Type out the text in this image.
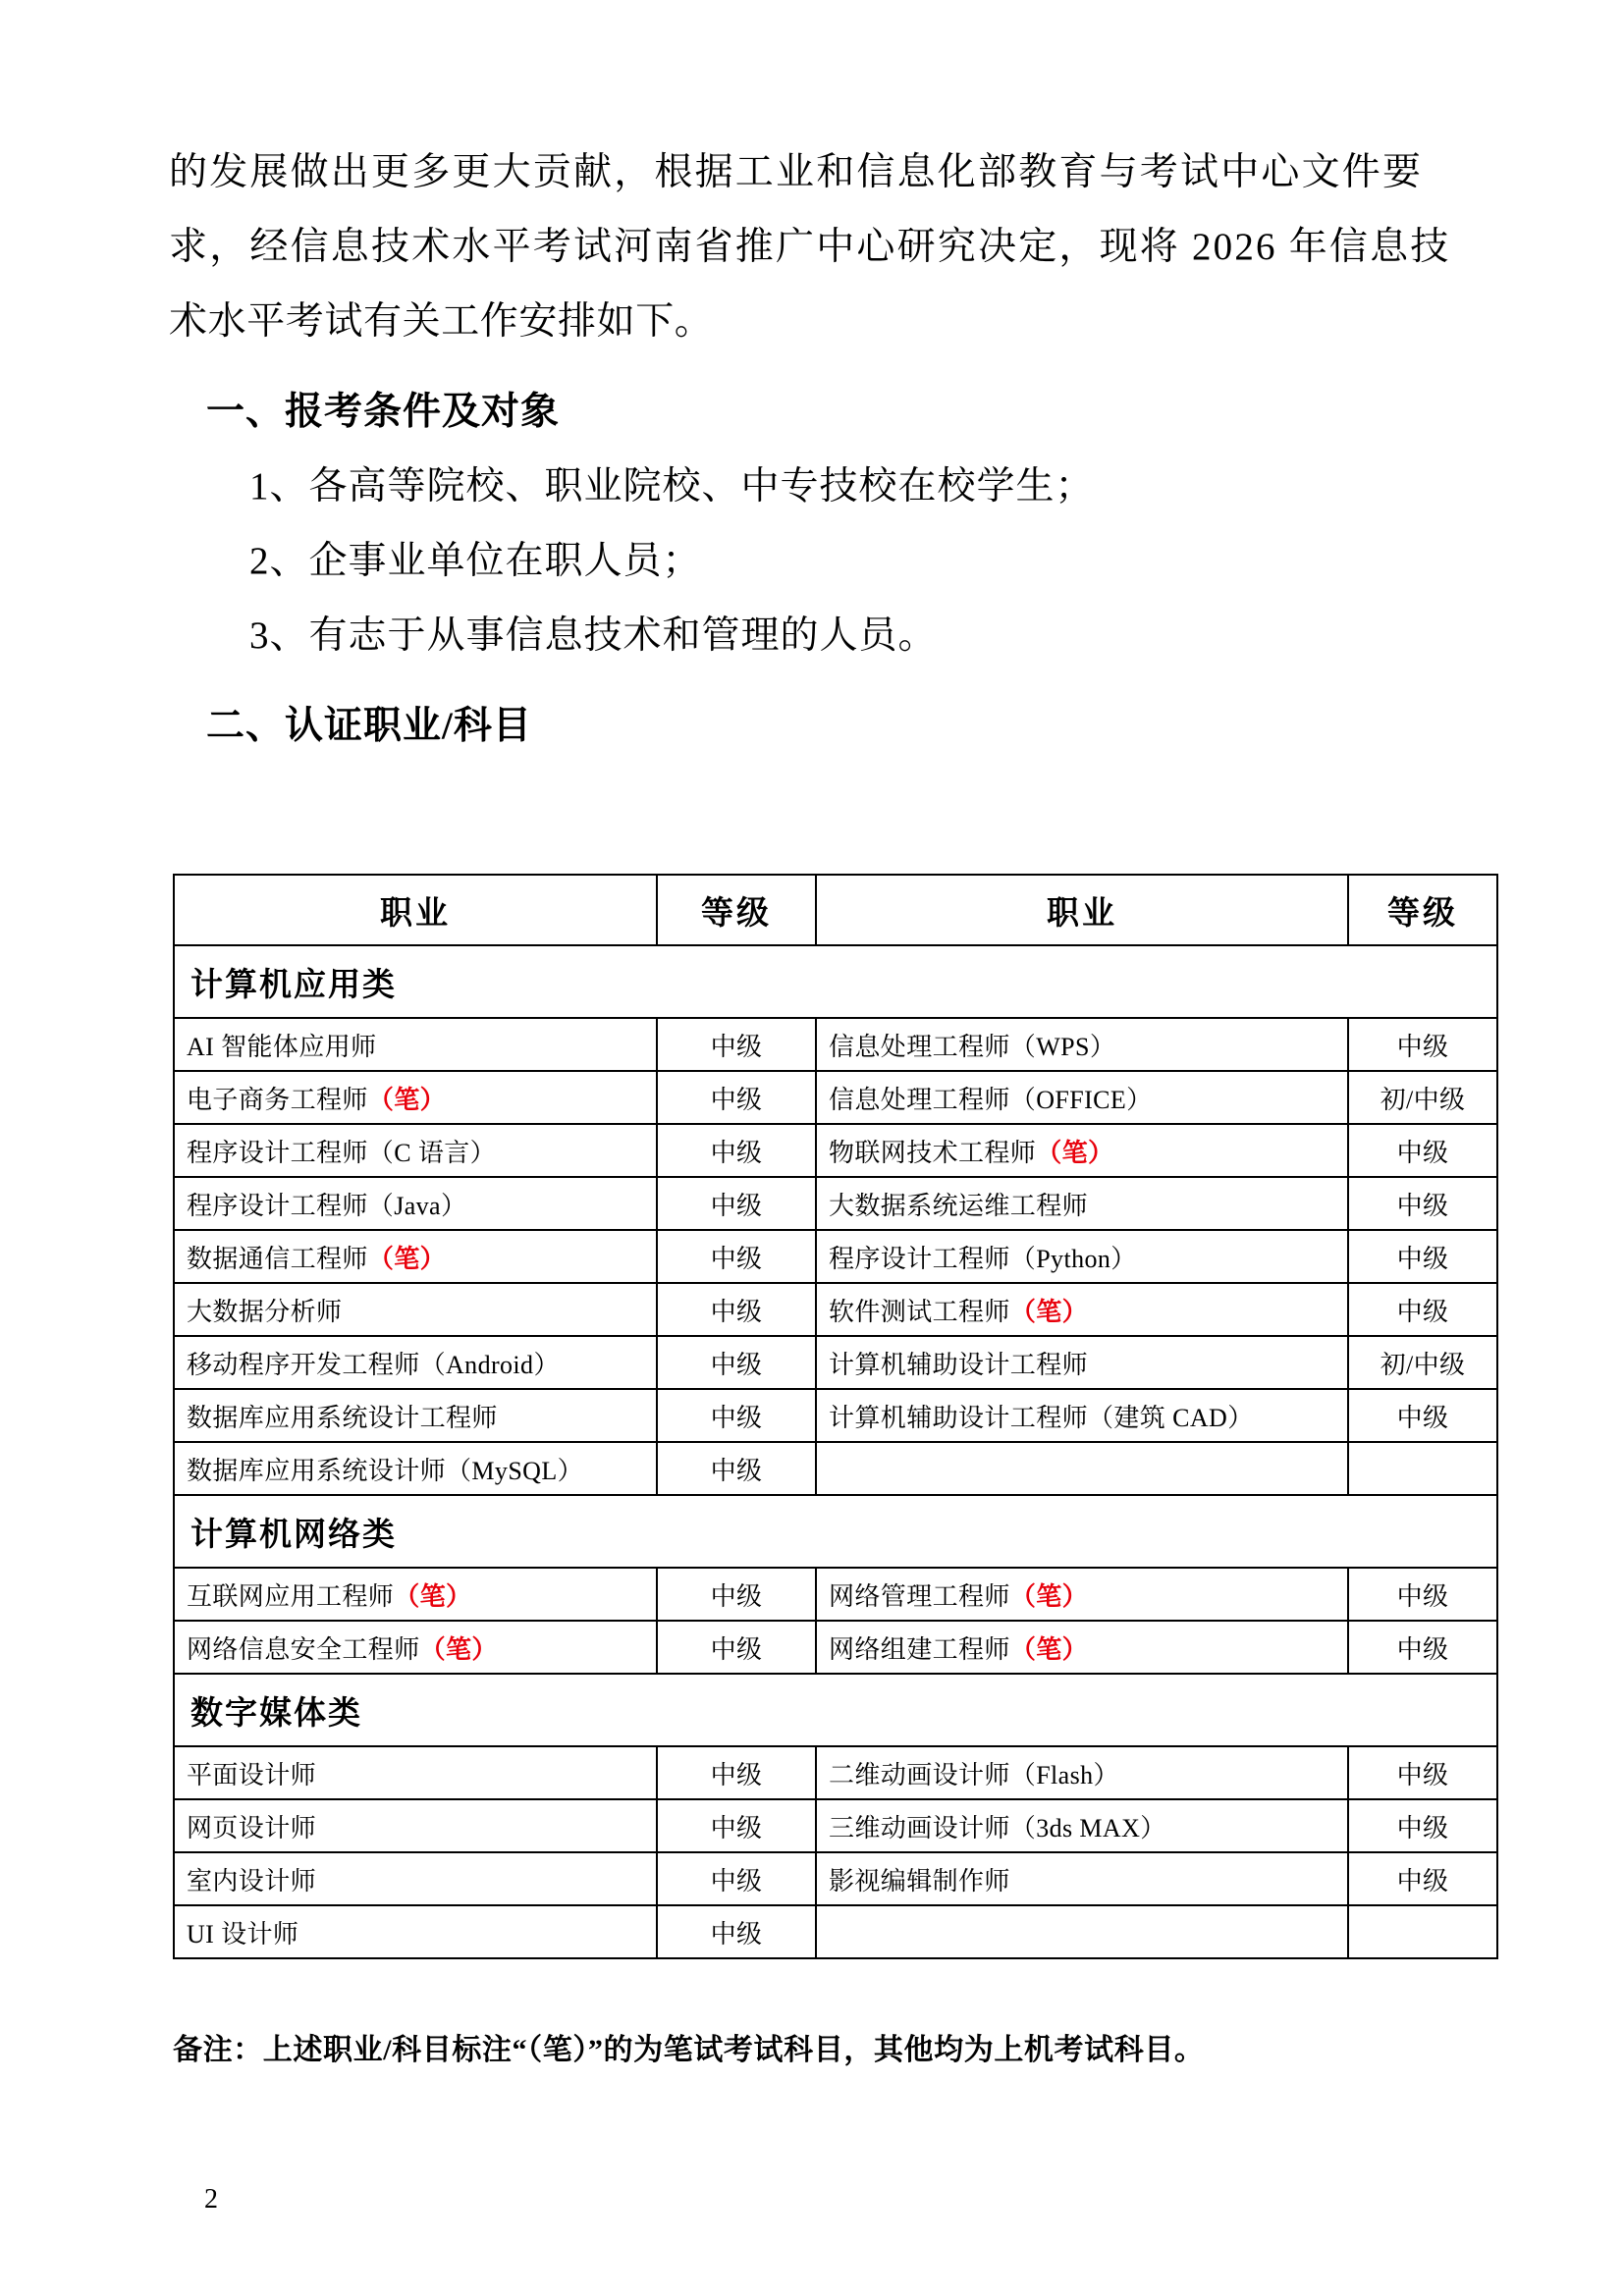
的发展做出更多更大贡献，根据工业和信息化部教育与考试中心文件要
求，经信息技术水平考试河南省推广中心研究决定，现将 2026 年信息技
术水平考试有关工作安排如下。
一、报考条件及对象
1、各高等院校、职业院校、中专技校在校学生；
2、企事业单位在职人员；
3、有志于从事信息技术和管理的人员。
二、认证职业/科目
职业	等级	职业	等级
计算机应用类			
AI 智能体应用师	中级	信息处理工程师（WPS）	中级
电子商务工程师（笔）	中级	信息处理工程师（OFFICE）	初/中级
程序设计工程师（C 语言）	中级	物联网技术工程师（笔）	中级
程序设计工程师（Java）	中级	大数据系统运维工程师	中级
数据通信工程师（笔）	中级	程序设计工程师（Python）	中级
大数据分析师	中级	软件测试工程师（笔）	中级
移动程序开发工程师（Android）	中级	计算机辅助设计工程师	初/中级
数据库应用系统设计工程师	中级	计算机辅助设计工程师（建筑 CAD）	中级
数据库应用系统设计师（MySQL）	中级		
计算机网络类			
互联网应用工程师（笔）	中级	网络管理工程师（笔）	中级
网络信息安全工程师（笔）	中级	网络组建工程师（笔）	中级
数字媒体类			
平面设计师	中级	二维动画设计师（Flash）	中级
网页设计师	中级	三维动画设计师（3ds MAX）	中级
室内设计师	中级	影视编辑制作师	中级
UI 设计师	中级		
备注：上述职业/科目标注“（笔）”的为笔试考试科目，其他均为上机考试科目。
2
